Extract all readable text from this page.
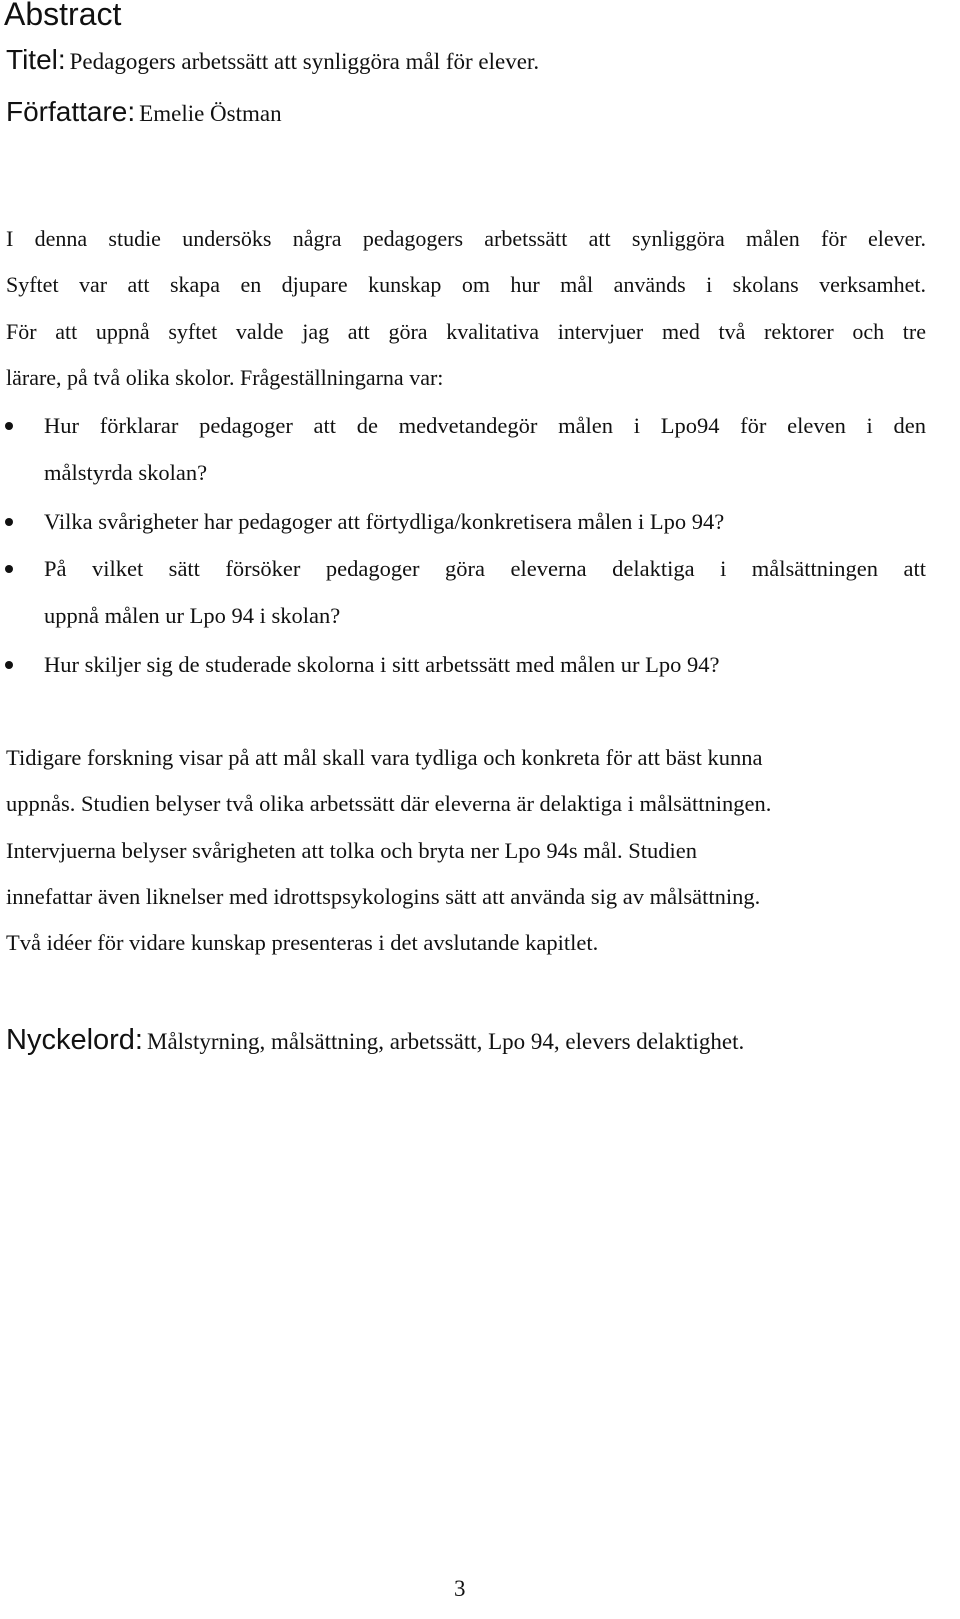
Abstract
Titel: Pedagogers arbetssätt att synliggöra mål för elever.
Författare: Emelie Östman
I denna studie undersöks några pedagogers arbetssätt att synliggöra målen för elever.
Syftet var att skapa en djupare kunskap om hur mål används i skolans verksamhet.
För att uppnå syftet valde jag att göra kvalitativa intervjuer med två rektorer och tre
lärare, på två olika skolor. Frågeställningarna var:
Hur förklarar pedagoger att de medvetandegör målen i Lpo94 för eleven i den
målstyrda skolan?
Vilka svårigheter har pedagoger att förtydliga/konkretisera målen i Lpo 94?
På vilket sätt försöker pedagoger göra eleverna delaktiga i målsättningen att
uppnå målen ur Lpo 94 i skolan?
Hur skiljer sig de studerade skolorna i sitt arbetssätt med målen ur Lpo 94?
Tidigare forskning visar på att mål skall vara tydliga och konkreta för att bäst kunna
uppnås. Studien belyser två olika arbetssätt där eleverna är delaktiga i målsättningen.
Intervjuerna belyser svårigheten att tolka och bryta ner Lpo 94s mål. Studien
innefattar även liknelser med idrottspsykologins sätt att använda sig av målsättning.
Två idéer för vidare kunskap presenteras i det avslutande kapitlet.
Nyckelord: Målstyrning, målsättning, arbetssätt, Lpo 94, elevers delaktighet.
3
